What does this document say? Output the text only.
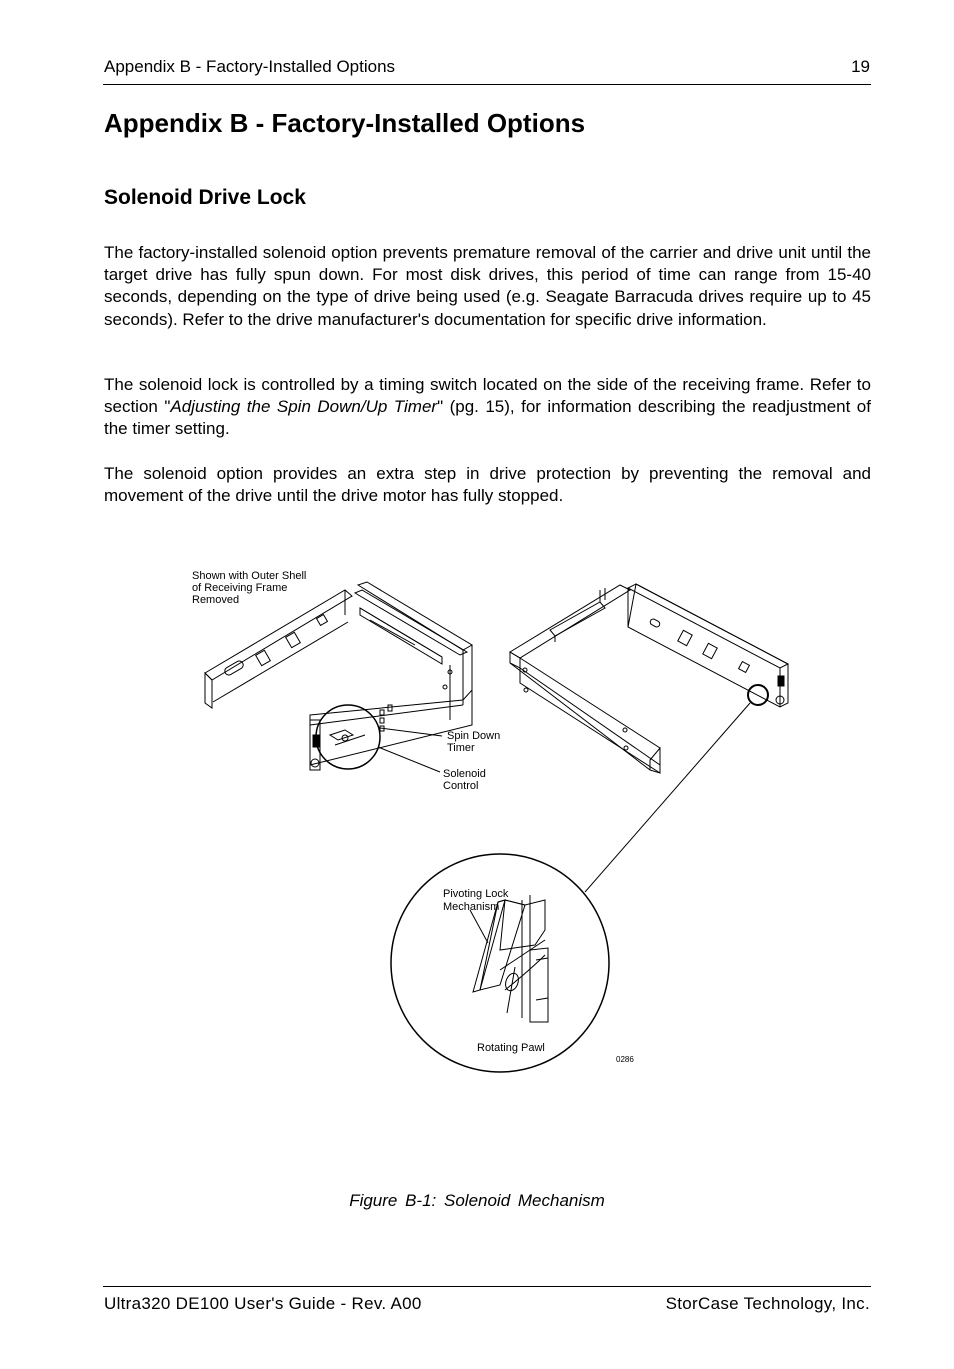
Appendix B - Factory-Installed Options	19
Appendix B - Factory-Installed Options
Solenoid Drive Lock

The factory-installed solenoid option prevents premature removal of the carrier and drive unit until the target drive has fully spun down. For most disk drives, this period of time can range from 15-40 seconds, depending on the type of drive being used (e.g. Seagate Barracuda drives require up to 45 seconds). Refer to the drive manufacturer's documentation for specific drive information.

The solenoid lock is controlled by a timing switch located on the side of the receiving frame. Refer to section "Adjusting the Spin Down/Up Timer" (pg. 15), for information describing the readjustment of the timer setting.

The solenoid option provides an extra step in drive protection by preventing the removal and movement of the drive until the drive motor has fully stopped.

Shown with Outer Shell
of Receiving Frame
Removed
Spin Down
Timer
Solenoid
Control
Pivoting Lock
Mechanism
Rotating Pawl
0286
Figure B-1: Solenoid Mechanism
Ultra320 DE100 User's Guide - Rev. A00	StorCase Technology, Inc.
